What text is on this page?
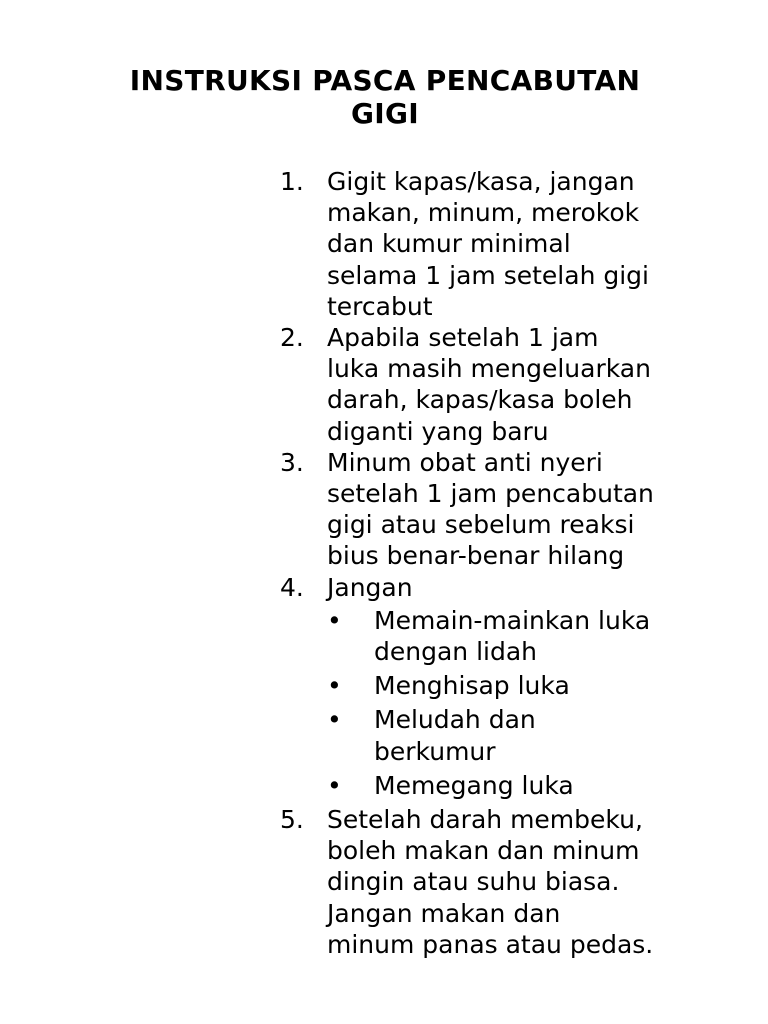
INSTRUKSI PASCA PENCABUTAN
GIGI
1. Gigit kapas/kasa, jangan
makan, minum, merokok
dan kumur minimal
selama 1 jam setelah gigi
tercabut
2. Apabila setelah 1 jam
luka masih mengeluarkan
darah, kapas/kasa boleh
diganti yang baru
3. Minum obat anti nyeri
setelah 1 jam pencabutan
gigi atau sebelum reaksi
bius benar-benar hilang
4. Jangan
• Memain-mainkan luka
dengan lidah
• Menghisap luka
• Meludah dan
berkumur
• Memegang luka
5. Setelah darah membeku,
boleh makan dan minum
dingin atau suhu biasa.
Jangan makan dan
minum panas atau pedas.
